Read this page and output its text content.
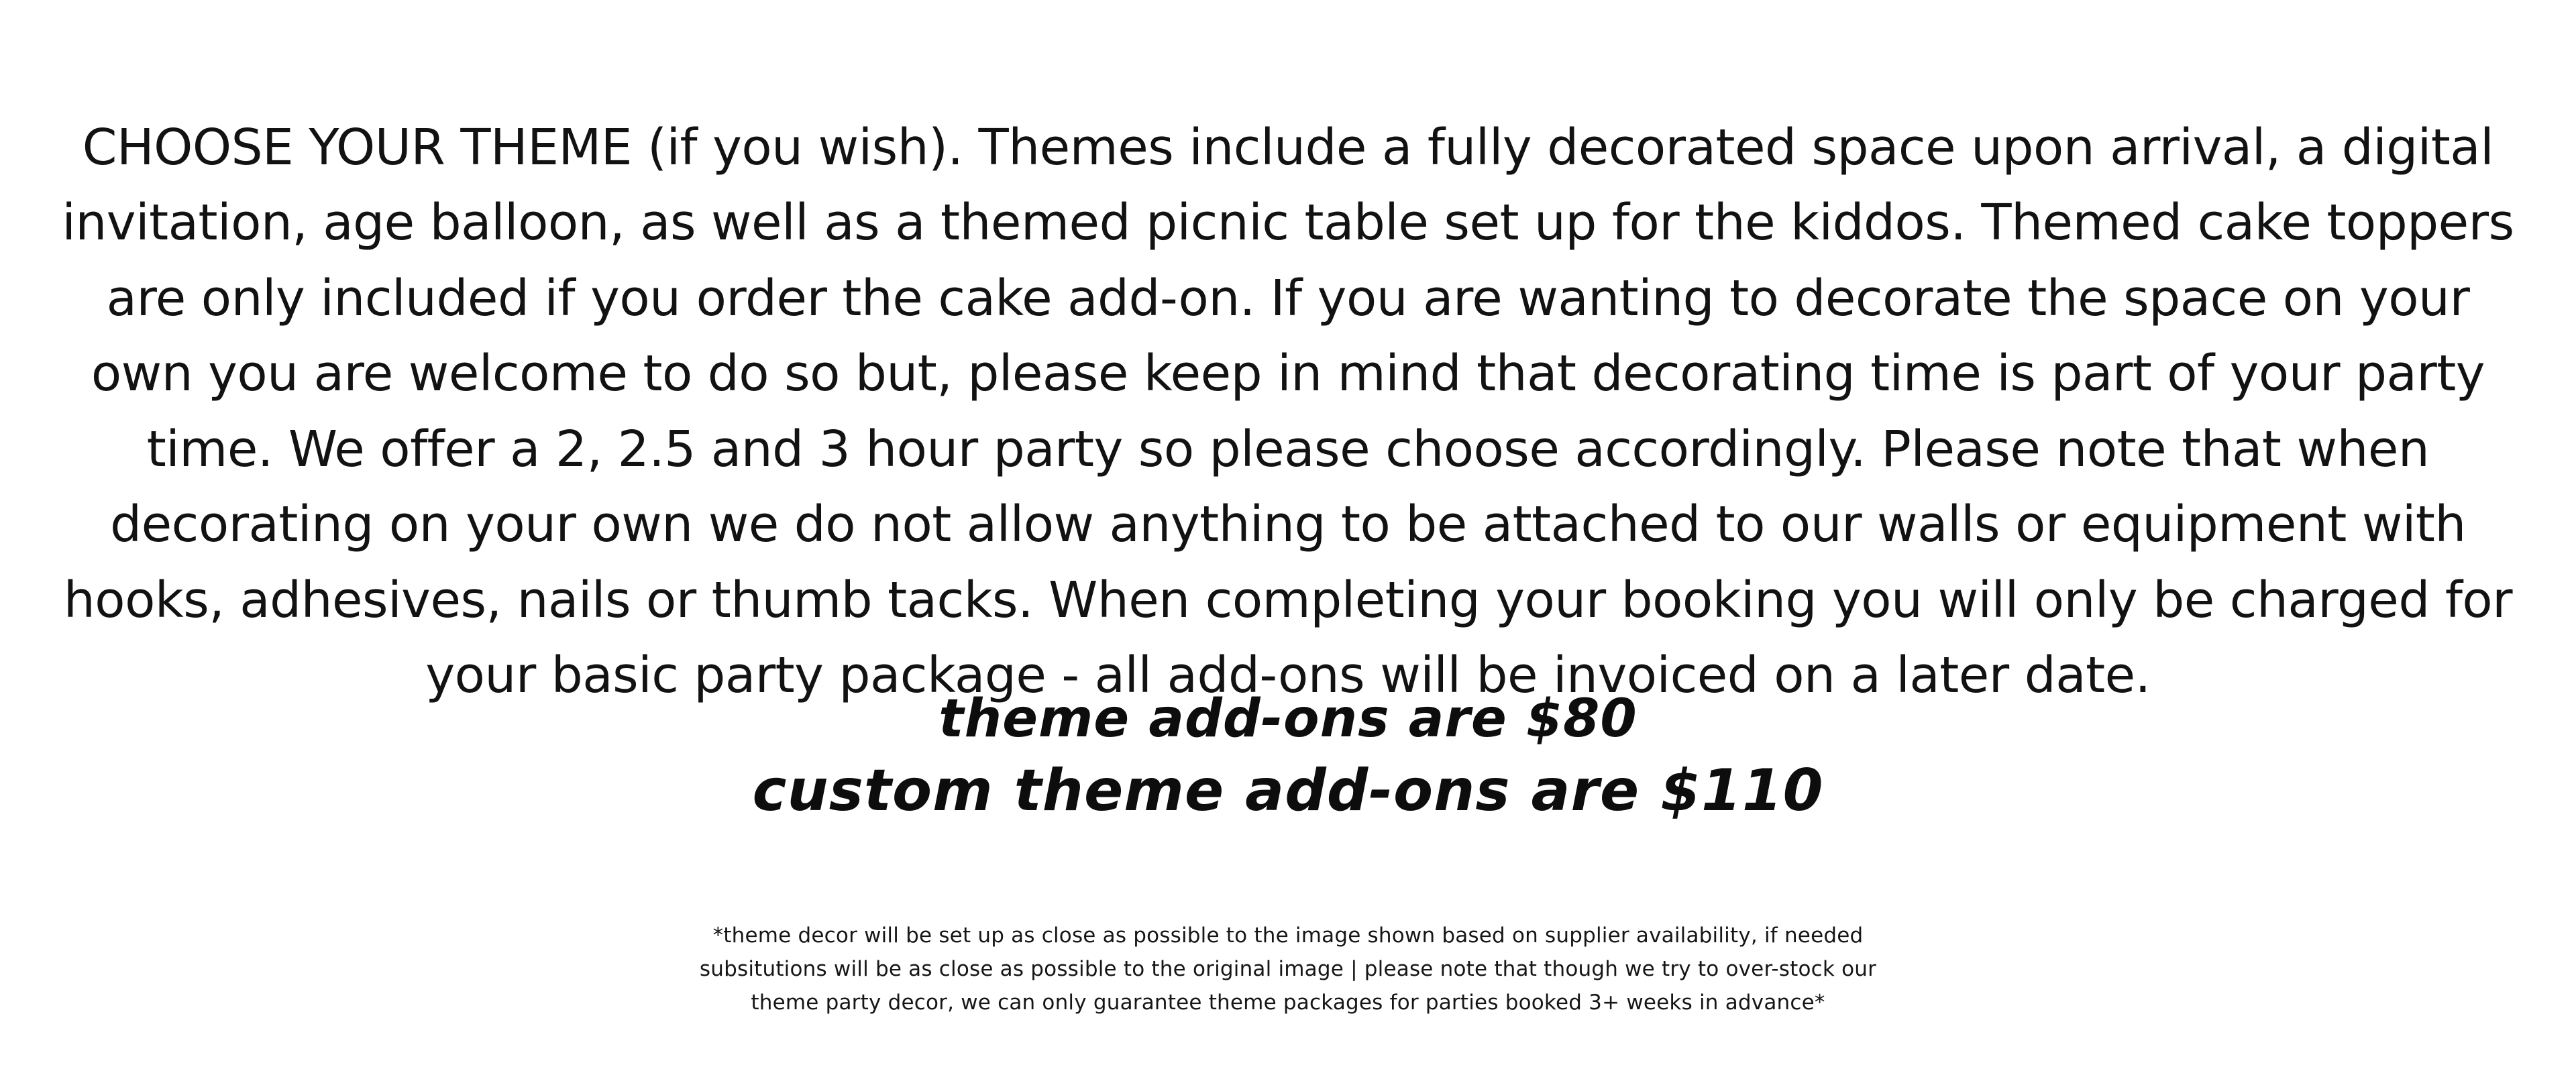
CHOOSE YOUR THEME (if you wish). Themes include a fully decorated space upon arrival, a digital invitation, age balloon, as well as a themed picnic table set up for the kiddos. Themed cake toppers are only included if you order the cake add-on. If you are wanting to decorate the space on your own you are welcome to do so but, please keep in mind that decorating time is part of your party time. We offer a 2, 2.5 and 3 hour party so please choose accordingly. Please note that when decorating on your own we do not allow anything to be attached to our walls or equipment with hooks, adhesives, nails or thumb tacks. When completing your booking you will only be charged for your basic party package - all add-ons will be invoiced on a later date.

theme add-ons are $80
custom theme add-ons are $110
*theme decor will be set up as close as possible to the image shown based on supplier availability, if needed
subsitutions will be as close as possible to the original image | please note that though we try to over-stock our
theme party decor, we can only guarantee theme packages for parties booked 3+ weeks in advance*
